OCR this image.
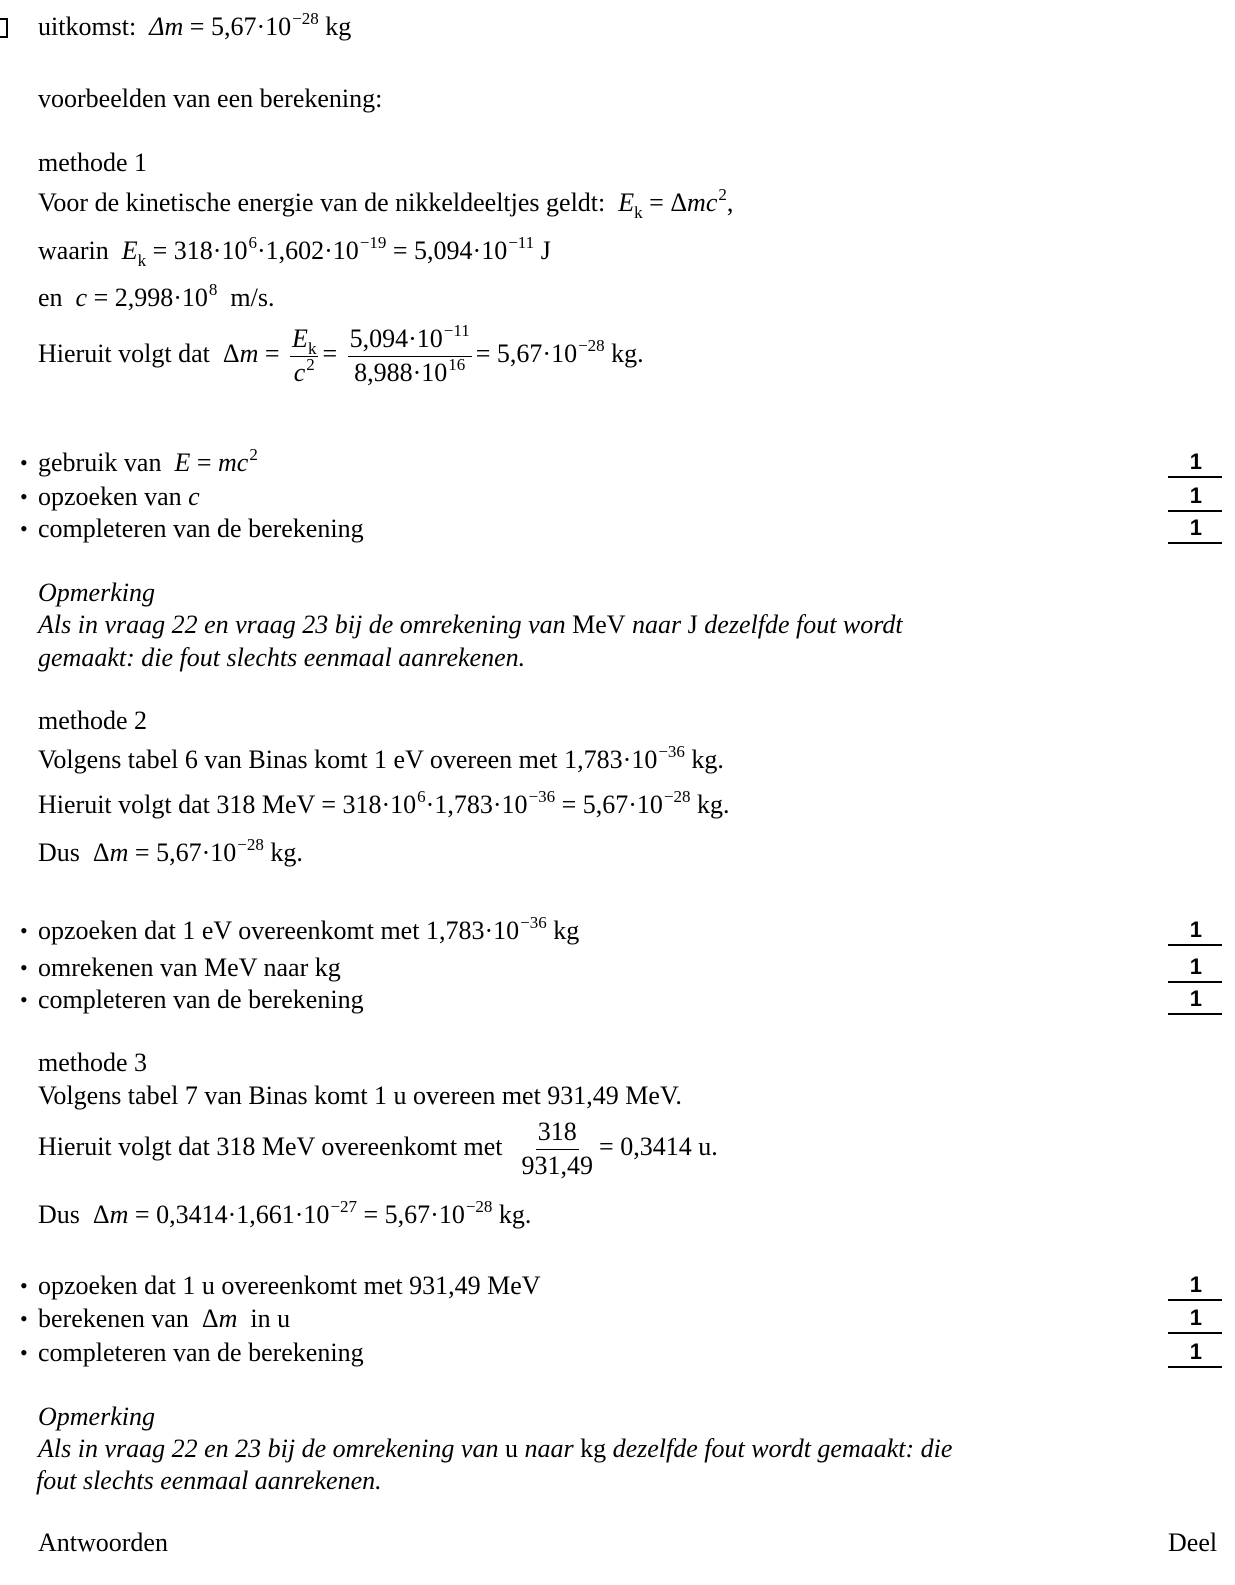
uitkomst: $\Delta m = 5,67\cdot 10^{-28}$ kg
voorbeelden van een berekening:
methode 1
Voor de kinetische energie van de nikkeldeeltjes geldt: $E_k = \Delta mc^2$,
waarin $E_k = 318\cdot 10^6\cdot 1,602\cdot 10^{-19} = 5,094\cdot 10^{-11}$ J
en $c = 2,998\cdot 10^8$ m/s.
Hieruit volgt dat  $\Delta m = \frac{E_k}{c^2} = \frac{5,094\cdot 10^{-11}}{8,988\cdot 10^{16}} = 5,67\cdot 10^{-28}$ kg.
• gebruik van $E = mc^2$	1
• opzoeken van c	1
• completeren van de berekening	1
Opmerking
Als in vraag 22 en vraag 23 bij de omrekening van MeV naar J dezelfde fout wordt
gemaakt: die fout slechts eenmaal aanrekenen.
methode 2
Volgens tabel 6 van Binas komt 1 eV overeen met $1,783\cdot 10^{-36}$ kg.
Hieruit volgt dat 318 MeV = $318\cdot 10^6\cdot 1,783\cdot 10^{-36} = 5,67\cdot 10^{-28}$ kg.
Dus  $\Delta m = 5,67\cdot 10^{-28}$ kg.
• opzoeken dat 1 eV overeenkomt met $1,783\cdot 10^{-36}$ kg	1
• omrekenen van MeV naar kg	1
• completeren van de berekening	1
methode 3
Volgens tabel 7 van Binas komt 1 u overeen met 931,49 MeV.
Hieruit volgt dat 318 MeV overeenkomt met $\frac{318}{931,49} = 0,3414$ u.
Dus  $\Delta m = 0,3414\cdot 1,661\cdot 10^{-27} = 5,67\cdot 10^{-28}$ kg.
• opzoeken dat 1 u overeenkomt met 931,49 MeV	1
• berekenen van  Δm in u	1
• completeren van de berekening	1
Opmerking
Als in vraag 22 en 23 bij de omrekening van u naar kg dezelfde fout wordt gemaakt: die
fout slechts eenmaal aanrekenen.
Antwoorden	Deel
